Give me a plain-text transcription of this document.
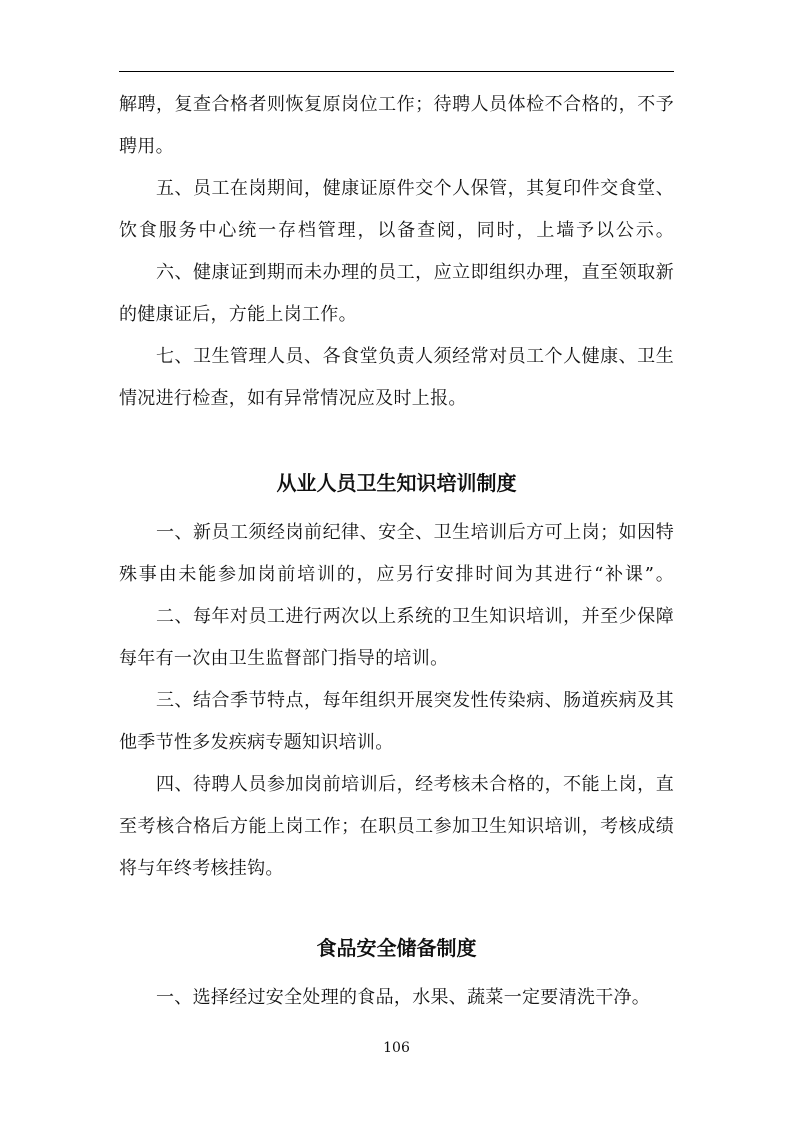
解聘，复查合格者则恢复原岗位工作；待聘人员体检不合格的，不予
聘用。
五、员工在岗期间，健康证原件交个人保管，其复印件交食堂、
饮食服务中心统一存档管理，以备查阅，同时，上墙予以公示。
六、健康证到期而未办理的员工，应立即组织办理，直至领取新
的健康证后，方能上岗工作。
七、卫生管理人员、各食堂负责人须经常对员工个人健康、卫生
情况进行检查，如有异常情况应及时上报。
从业人员卫生知识培训制度
一、新员工须经岗前纪律、安全、卫生培训后方可上岗；如因特
殊事由未能参加岗前培训的，应另行安排时间为其进行“补课”。
二、每年对员工进行两次以上系统的卫生知识培训，并至少保障
每年有一次由卫生监督部门指导的培训。
三、结合季节特点，每年组织开展突发性传染病、肠道疾病及其
他季节性多发疾病专题知识培训。
四、待聘人员参加岗前培训后，经考核未合格的，不能上岗，直
至考核合格后方能上岗工作；在职员工参加卫生知识培训，考核成绩
将与年终考核挂钩。
食品安全储备制度
一、选择经过安全处理的食品，水果、蔬菜一定要清洗干净。
106
